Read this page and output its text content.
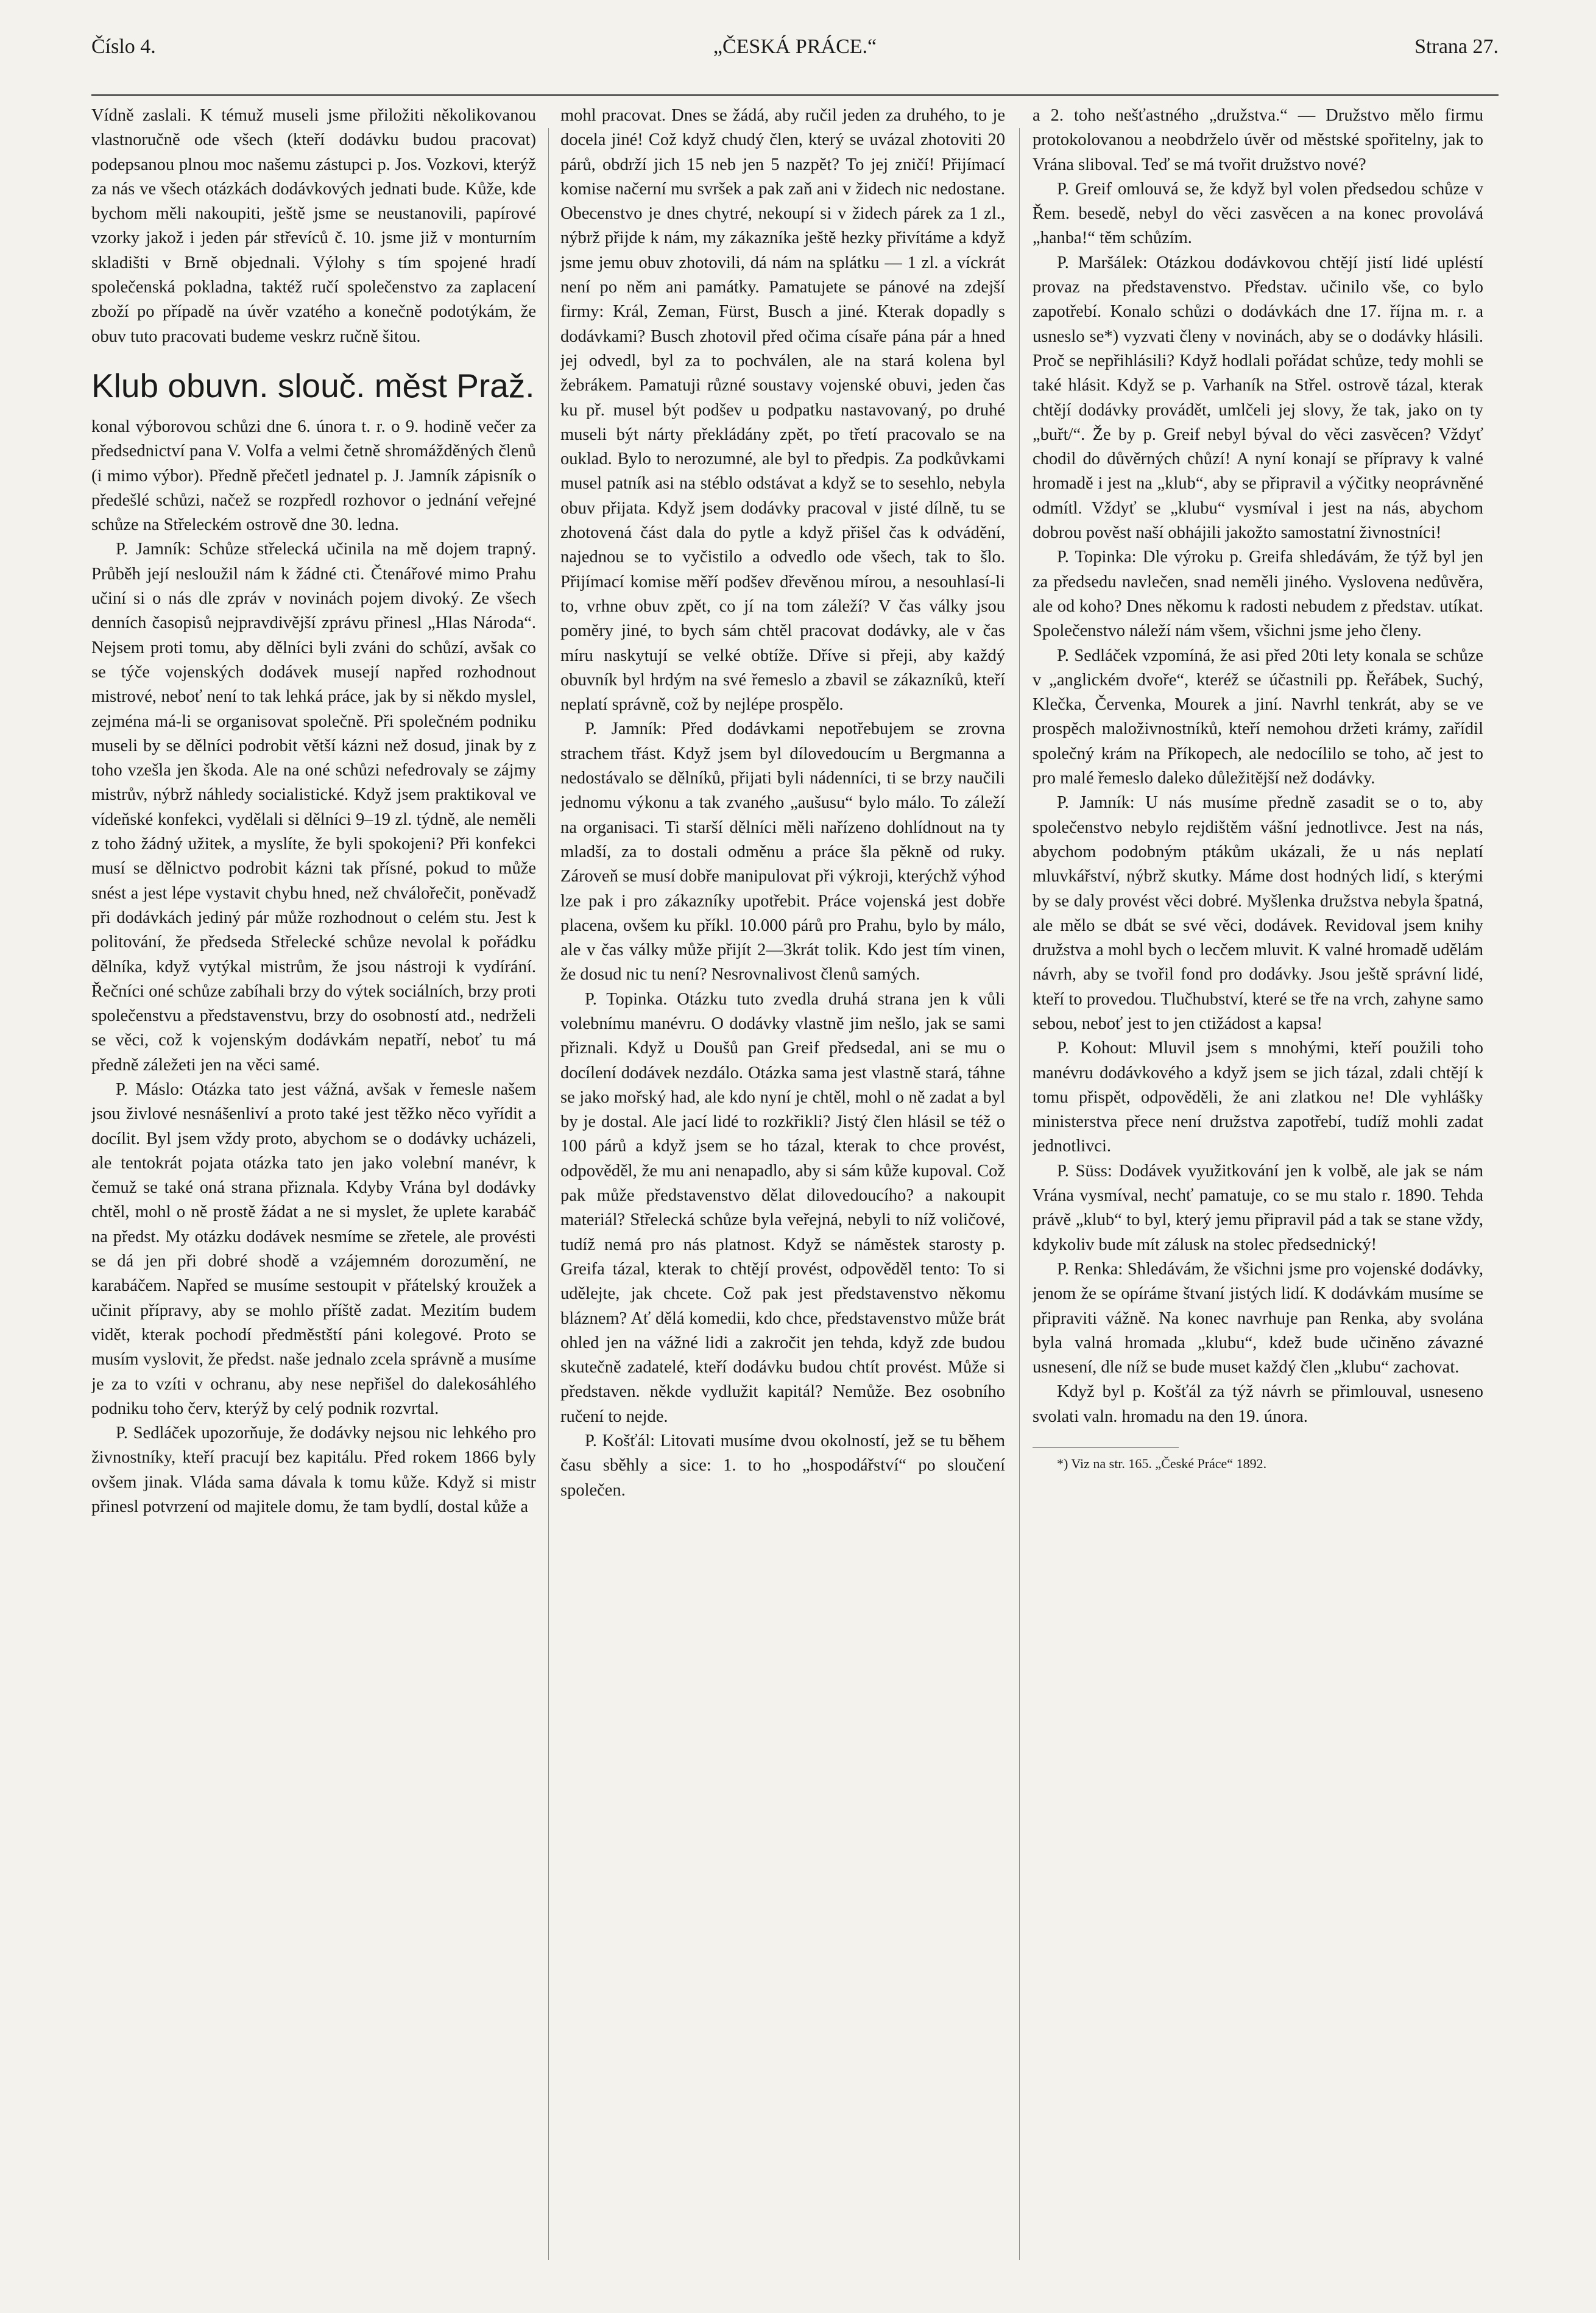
Číslo 4.	„ČESKÁ PRÁCE.“	Strana 27.

Vídně zaslali. K témuž museli jsme přiložiti několikovanou vlastnoručně ode všech (kteří dodávku budou pracovat) podepsanou plnou moc našemu zástupci p. Jos. Vozkovi, kterýž za nás ve všech otázkách dodávkových jednati bude. Kůže, kde bychom měli nakoupiti, ještě jsme se neustanovili, papírové vzorky jakož i jeden pár střevíců č. 10. jsme již v monturním skladišti v Brně objednali. Výlohy s tím spojené hradí společenská pokladna, taktéž ručí společenstvo za zaplacení zboží po případě na úvěr vzatého a konečně podotýkám, že obuv tuto pracovati budeme veskrz ručně šitou.

Klub obuvn. slouč. měst Praž.

konal výborovou schůzi dne 6. února t. r. o 9. hodině večer za předsednictví pana V. Volfa a velmi četně shromážděných členů (i mimo výbor). Předně přečetl jednatel p. J. Jamník zápisník o předešlé schůzi, načež se rozpředl rozhovor o jednání veřejné schůze na Střeleckém ostrově dne 30. ledna.

P. Jamník: Schůze střelecká učinila na mě dojem trapný. Průběh její nesloužil nám k žádné cti. Čtenářové mimo Prahu učiní si o nás dle zpráv v novinách pojem divoký. Ze všech denních časopisů nejpravdivější zprávu přinesl „Hlas Národa“. Nejsem proti tomu, aby dělníci byli zváni do schůzí, avšak co se týče vojenských dodávek musejí napřed rozhodnout mistrové, neboť není to tak lehká práce, jak by si někdo myslel, zejména má-li se organisovat společně. Při společném podniku museli by se dělníci podrobit větší kázni než dosud, jinak by z toho vzešla jen škoda. Ale na oné schůzi nefedrovaly se zájmy mistrův, nýbrž náhledy socialistické. Když jsem praktikoval ve vídeňské konfekci, vydělali si dělníci 9–19 zl. týdně, ale neměli z toho žádný užitek, a myslíte, že byli spokojeni? Při konfekci musí se dělnictvo podrobit kázni tak přísné, pokud to může snést a jest lépe vystavit chybu hned, než chválořečit, poněvadž při dodávkách jediný pár může rozhodnout o celém stu. Jest k politování, že předseda Střelecké schůze nevolal k pořádku dělníka, když vytýkal mistrům, že jsou nástroji k vydírání. Řečníci oné schůze zabíhali brzy do výtek sociálních, brzy proti společenstvu a představenstvu, brzy do osobností atd., nedrželi se věci, což k vojenským dodávkám nepatří, neboť tu má předně záležeti jen na věci samé.

P. Máslo: Otázka tato jest vážná, avšak v řemesle našem jsou živlové nesnášenliví a proto také jest těžko něco vyřídit a docílit. Byl jsem vždy proto, abychom se o dodávky ucházeli, ale tentokrát pojata otázka tato jen jako volební manévr, k čemuž se také oná strana přiznala. Kdyby Vrána byl dodávky chtěl, mohl o ně prostě žádat a ne si myslet, že uplete karabáč na předst. My otázku dodávek nesmíme se zřetele, ale provésti se dá jen při dobré shodě a vzájemném dorozumění, ne karabáčem. Napřed se musíme sestoupit v přátelský kroužek a učinit přípravy, aby se mohlo příště zadat. Mezitím budem vidět, kterak pochodí předměstští páni kolegové. Proto se musím vyslovit, že předst. naše jednalo zcela správně a musíme je za to vzíti v ochranu, aby nese nepřišel do dalekosáhlého podniku toho červ, kterýž by celý podnik rozvrtal.

P. Sedláček upozorňuje, že dodávky nejsou nic lehkého pro živnostníky, kteří pracují bez kapitálu. Před rokem 1866 byly ovšem jinak. Vláda sama dávala k tomu kůže. Když si mistr přinesl potvrzení od majitele domu, že tam bydlí, dostal kůže a

mohl pracovat. Dnes se žádá, aby ručil jeden za druhého, to je docela jiné! Což když chudý člen, který se uvázal zhotoviti 20 párů, obdrží jich 15 neb jen 5 nazpět? To jej zničí! Přijímací komise načerní mu svršek a pak zaň ani v židech nic nedostane. Obecenstvo je dnes chytré, nekoupí si v židech párek za 1 zl., nýbrž přijde k nám, my zákazníka ještě hezky přivítáme a když jsme jemu obuv zhotovili, dá nám na splátku — 1 zl. a víckrát není po něm ani památky. Pamatujete se pánové na zdejší firmy: Král, Zeman, Fürst, Busch a jiné. Kterak dopadly s dodávkami? Busch zhotovil před očima císaře pána pár a hned jej odvedl, byl za to pochválen, ale na stará kolena byl žebrákem. Pamatuji různé soustavy vojenské obuvi, jeden čas ku př. musel být podšev u podpatku nastavovaný, po druhé museli být nárty překládány zpět, po třetí pracovalo se na ouklad. Bylo to nerozumné, ale byl to předpis. Za podkůvkami musel patník asi na stéblo odstávat a když se to sesehlo, nebyla obuv přijata. Když jsem dodávky pracoval v jisté dílně, tu se zhotovená část dala do pytle a když přišel čas k odvádění, najednou se to vyčistilo a odvedlo ode všech, tak to šlo. Přijímací komise měří podšev dřevěnou mírou, a nesouhlasí-li to, vrhne obuv zpět, co jí na tom záleží? V čas války jsou poměry jiné, to bych sám chtěl pracovat dodávky, ale v čas míru naskytují se velké obtíže. Dříve si přeji, aby každý obuvník byl hrdým na své řemeslo a zbavil se zákazníků, kteří neplatí správně, což by nejlépe prospělo.

P. Jamník: Před dodávkami nepotřebujem se zrovna strachem třást. Když jsem byl dílovedoucím u Bergmanna a nedostávalo se dělníků, přijati byli nádenníci, ti se brzy naučili jednomu výkonu a tak zvaného „aušusu“ bylo málo. To záleží na organisaci. Ti starší dělníci měli nařízeno dohlídnout na ty mladší, za to dostali odměnu a práce šla pěkně od ruky. Zároveň se musí dobře manipulovat při výkroji, kterýchž výhod lze pak i pro zákazníky upotřebit. Práce vojenská jest dobře placena, ovšem ku příkl. 10.000 párů pro Prahu, bylo by málo, ale v čas války může přijít 2—3krát tolik. Kdo jest tím vinen, že dosud nic tu není? Nesrovnalivost členů samých.

P. Topinka. Otázku tuto zvedla druhá strana jen k vůli volebnímu manévru. O dodávky vlastně jim nešlo, jak se sami přiznali. Když u Doušů pan Greif předsedal, ani se mu o docílení dodávek nezdálo. Otázka sama jest vlastně stará, táhne se jako mořský had, ale kdo nyní je chtěl, mohl o ně zadat a byl by je dostal. Ale jací lidé to rozkřikli? Jistý člen hlásil se též o 100 párů a když jsem se ho tázal, kterak to chce provést, odpověděl, že mu ani nenapadlo, aby si sám kůže kupoval. Což pak může představenstvo dělat dilovedoucího? a nakoupit materiál? Střelecká schůze byla veřejná, nebyli to níž voličové, tudíž nemá pro nás platnost. Když se náměstek starosty p. Greifa tázal, kterak to chtějí provést, odpověděl tento: To si udělejte, jak chcete. Což pak jest představenstvo někomu bláznem? Ať dělá komedii, kdo chce, představenstvo může brát ohled jen na vážné lidi a zakročit jen tehda, když zde budou skutečně zadatelé, kteří dodávku budou chtít provést. Může si představen. někde vydlužit kapitál? Nemůže. Bez osobního ručení to nejde.

P. Košťál: Litovati musíme dvou okolností, jež se tu během času sběhly a sice: 1. to ho „hospodářství“ po sloučení společen.

a 2. toho nešťastného „družstva.“ — Družstvo mělo firmu protokolovanou a neobdrželo úvěr od městské spořitelny, jak to Vrána sliboval. Teď se má tvořit družstvo nové?

P. Greif omlouvá se, že když byl volen předsedou schůze v Řem. besedě, nebyl do věci zasvěcen a na konec provolává „hanba!“ těm schůzím.

P. Maršálek: Otázkou dodávkovou chtějí jistí lidé upléstí provaz na představenstvo. Představ. učinilo vše, co bylo zapotřebí. Konalo schůzi o dodávkách dne 17. října m. r. a usneslo se*) vyzvati členy v novinách, aby se o dodávky hlásili. Proč se nepřihlásili? Když hodlali pořádat schůze, tedy mohli se také hlásit. Když se p. Varhaník na Střel. ostrově tázal, kterak chtějí dodávky provádět, umlčeli jej slovy, že tak, jako on ty „buřt/“. Že by p. Greif nebyl býval do věci zasvěcen? Vždyť chodil do důvěrných chůzí! A nyní konají se přípravy k valné hromadě i jest na „klub“, aby se připravil a výčitky neoprávněné odmítl. Vždyť se „klubu“ vysmíval i jest na nás, abychom dobrou pověst naší obhájili jakožto samostatní živnostníci!

P. Topinka: Dle výroku p. Greifa shledávám, že týž byl jen za předsedu navlečen, snad neměli jiného. Vyslovena nedůvěra, ale od koho? Dnes někomu k radosti nebudem z představ. utíkat. Společenstvo náleží nám všem, všichni jsme jeho členy.

P. Sedláček vzpomíná, že asi před 20ti lety konala se schůze v „anglickém dvoře“, kteréž se účastnili pp. Řeřábek, Suchý, Klečka, Červenka, Mourek a jiní. Navrhl tenkrát, aby se ve prospěch maloživnostníků, kteří nemohou držeti krámy, zařídil společný krám na Příkopech, ale nedocílilo se toho, ač jest to pro malé řemeslo daleko důležitější než dodávky.

P. Jamník: U nás musíme předně zasadit se o to, aby společenstvo nebylo rejdištěm vášní jednotlivce. Jest na nás, abychom podobným ptákům ukázali, že u nás neplatí mluvkářství, nýbrž skutky. Máme dost hodných lidí, s kterými by se daly provést věci dobré. Myšlenka družstva nebyla špatná, ale mělo se dbát se své věci, dodávek. Revidoval jsem knihy družstva a mohl bych o lecčem mluvit. K valné hromadě udělám návrh, aby se tvořil fond pro dodávky. Jsou ještě správní lidé, kteří to provedou. Tlučhubství, které se tře na vrch, zahyne samo sebou, neboť jest to jen ctižádost a kapsa!

P. Kohout: Mluvil jsem s mnohými, kteří použili toho manévru dodávkového a když jsem se jich tázal, zdali chtějí k tomu přispět, odpověděli, že ani zlatkou ne! Dle vyhlášky ministerstva přece není družstva zapotřebí, tudíž mohli zadat jednotlivci.

P. Süss: Dodávek využitkování jen k volbě, ale jak se nám Vrána vysmíval, nechť pamatuje, co se mu stalo r. 1890. Tehda právě „klub“ to byl, který jemu připravil pád a tak se stane vždy, kdykoliv bude mít zálusk na stolec předsednický!

P. Renka: Shledávám, že všichni jsme pro vojenské dodávky, jenom že se opíráme štvaní jistých lidí. K dodávkám musíme se připraviti vážně. Na konec navrhuje pan Renka, aby svolána byla valná hromada „klubu“, kdež bude učiněno závazné usnesení, dle níž se bude muset každý člen „klubu“ zachovat.

Když byl p. Košťál za týž návrh se přimlouval, usneseno svolati valn. hromadu na den 19. února.

*) Viz na str. 165. „České Práce“ 1892.
